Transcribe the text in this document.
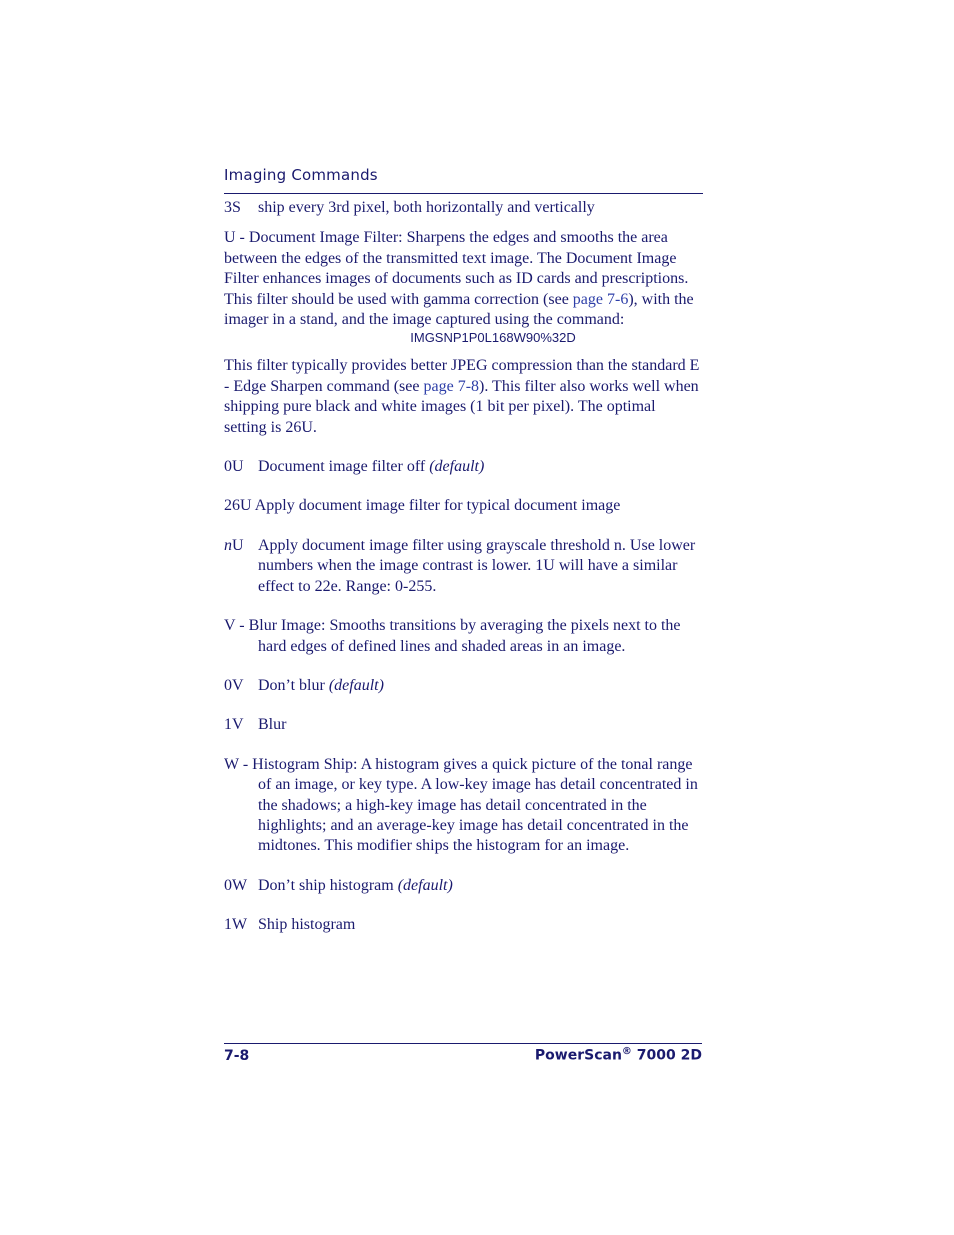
Imaging Commands

3S	ship every 3rd pixel, both horizontally and vertically

U - Document Image Filter: Sharpens the edges and smooths the area between the edges of the transmitted text image. The Document Image Filter enhances images of documents such as ID cards and prescriptions. This filter should be used with gamma correction (see page 7-6), with the imager in a stand, and the image captured using the command:

IMGSNP1P0L168W90%32D

This filter typically provides better JPEG compression than the standard E - Edge Sharpen command (see page 7-8). This filter also works well when shipping pure black and white images (1 bit per pixel). The optimal setting is 26U.

0U Document image filter off (default)

26U Apply document image filter for typical document image

nU Apply document image filter using grayscale threshold n. Use lower numbers when the image contrast is lower. 1U will have a similar effect to 22e. Range: 0-255.

V - Blur Image: Smooths transitions by averaging the pixels next to the hard edges of defined lines and shaded areas in an image.

0V Don’t blur (default)

1V Blur

W - Histogram Ship: A histogram gives a quick picture of the tonal range of an image, or key type. A low-key image has detail concentrated in the shadows; a high-key image has detail concentrated in the highlights; and an average-key image has detail concentrated in the midtones. This modifier ships the histogram for an image.

0W Don’t ship histogram (default)

1W Ship histogram

7-8	PowerScan® 7000 2D
